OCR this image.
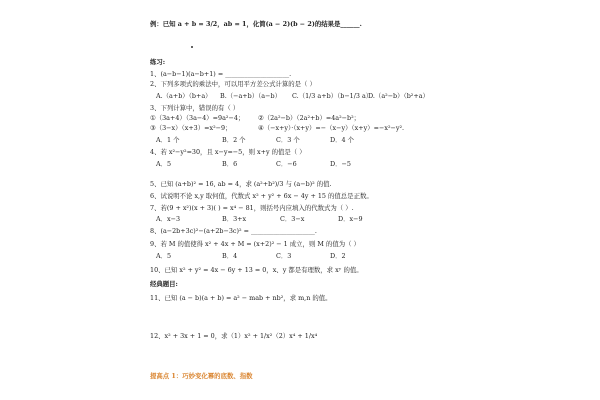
例：已知 a + b = 3/2，ab = 1，化简(a − 2)(b − 2)的结果是______.
练习:
1、(a−b−1)(a−b+1) = ____________________.
2、下列多项式的乘法中，可以用平方差公式计算的是（ ）
A.（a+b）（b+a） B.（−a+b）（a−b） C.（1/3 a+b）（b−1/3 a）
D.（a²−b）（b²+a）
3、下列计算中，错误的有（ ）
①（3a+4）（3a−4）=9a²−4； ②（2a²−b）（2a²+b）=4a²−b²；
③（3−x）（x+3）=x²−9；	④（−x+y）·（x+y）=−（x−y）（x+y）=−x²−y².
A．1 个	B．2 个	C．3 个	D．4 个
4、若 x²−y²=30，且 x−y=−5，则 x+y 的值是（ ）
A．5	B．6	C．−6	D．−5
5、已知 (a+b)² = 16, ab = 4，求 (a²+b²)/3 与 (a−b)² 的值.
6、试说明不论 x,y 取何值，代数式 x² + y² + 6x − 4y + 15 的值总是正数。
7、若(9 + x²)(x + 3)( ) = x⁴ − 81，则括号内应填入的代数式为（ ）.
A．x−3	B．3+x	C．3−x	D．x−9
8、(a−2b+3c)²−(a+2b−3c)² = ____________________.
9、若 M 的值使得 x² + 4x + M = (x+2)² − 1 成立，则 M 的值为（ ）
A．5	B．4	C．3	D．2
10、已知 x² + y² = 4x − 6y + 13 = 0，x、y 都是有理数，求 xʸ 的值。
经典题目:
11、已知 (a − b)(a + b) = a² − mab + nb²，求 m,n 的值。
12、x² + 3x + 1 = 0，求（1）x² + 1/x²（2）x⁴ + 1/x⁴
提高点 1：巧妙变化幂的底数、指数
